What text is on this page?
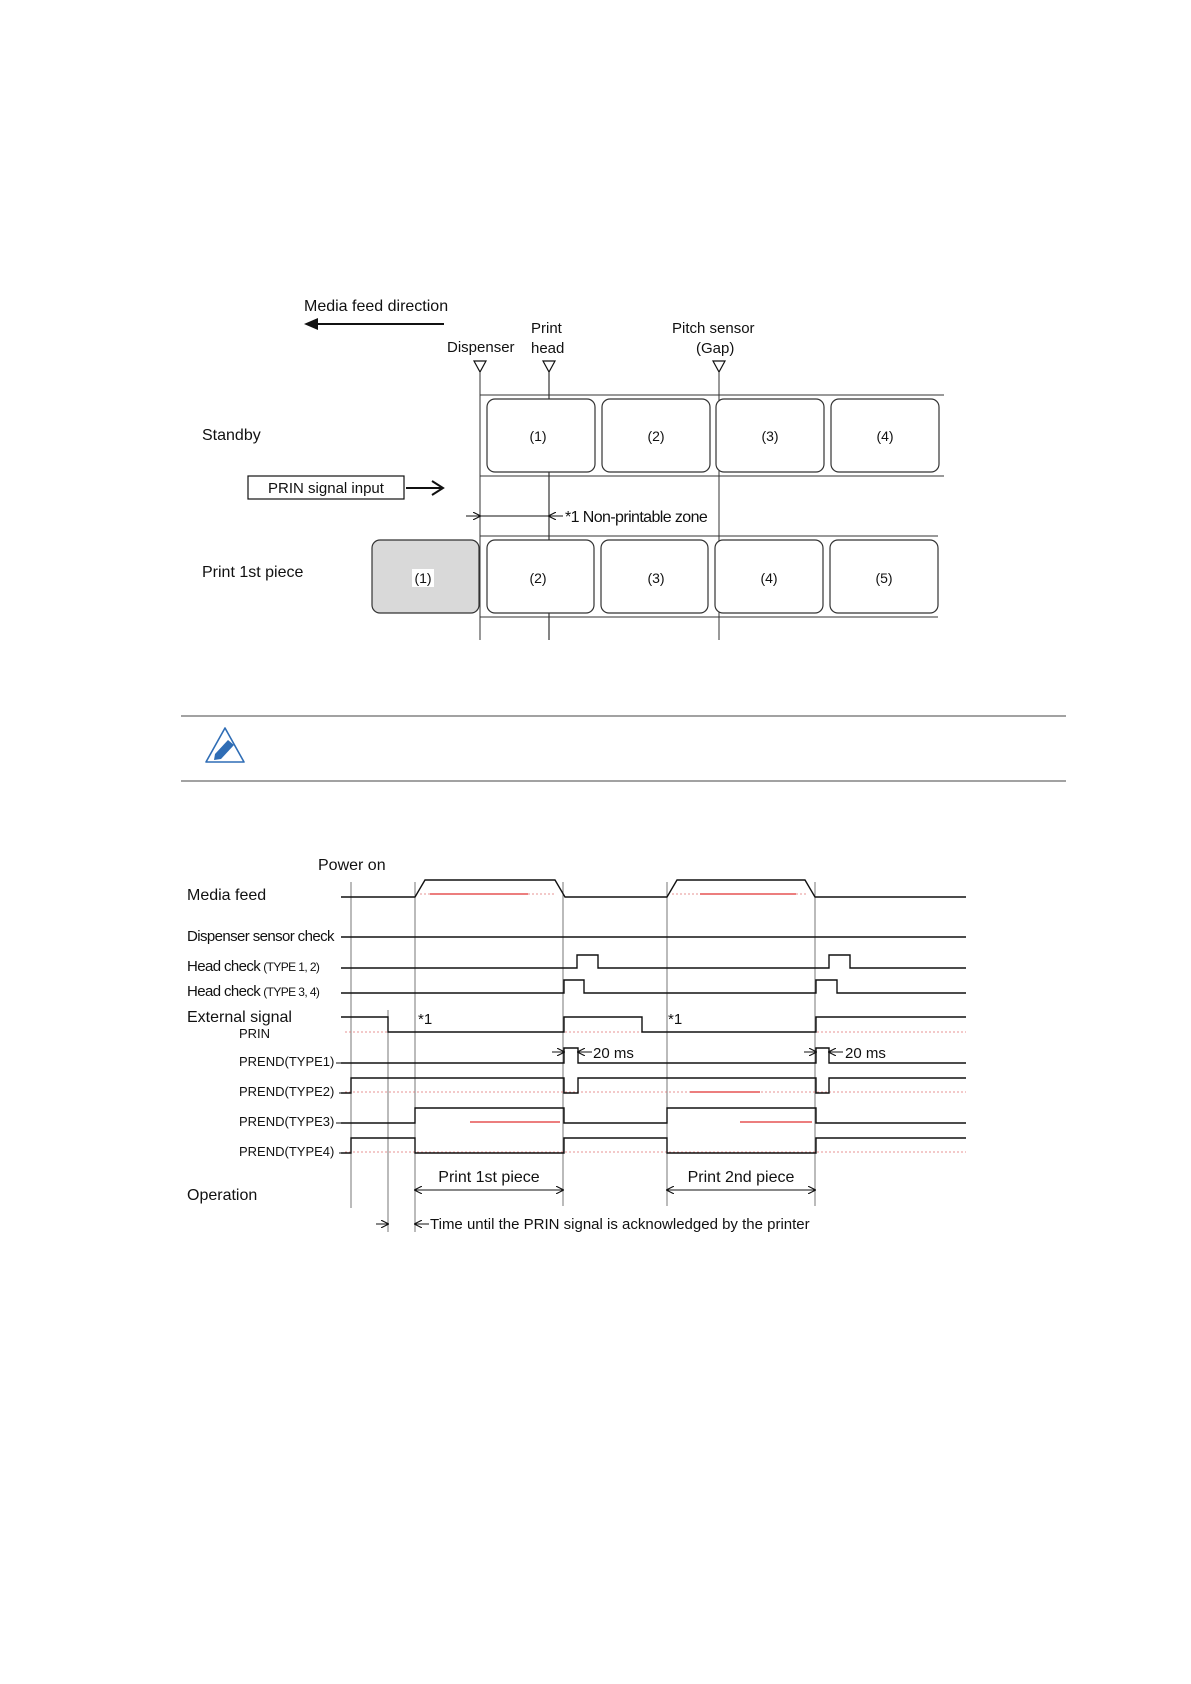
Media feed direction
Dispenser
Print
head
Pitch sensor
(Gap)
Standby	(1)	(2)	(3)	(4)
PRIN signal input
*1 Non-printable zone
Print 1st piece	(1)	(2)	(3)	(4)	(5)
Power on
Media feed
Dispenser sensor check
Head check (TYPE 1, 2)
Head check (TYPE 3, 4)
External signal
PRIN
PREND(TYPE1)
PREND(TYPE2)
PREND(TYPE3)
PREND(TYPE4)
Operation
*1	*1
20 ms	20 ms
Print 1st piece	Print 2nd piece
Time until the PRIN signal is acknowledged by the printer
